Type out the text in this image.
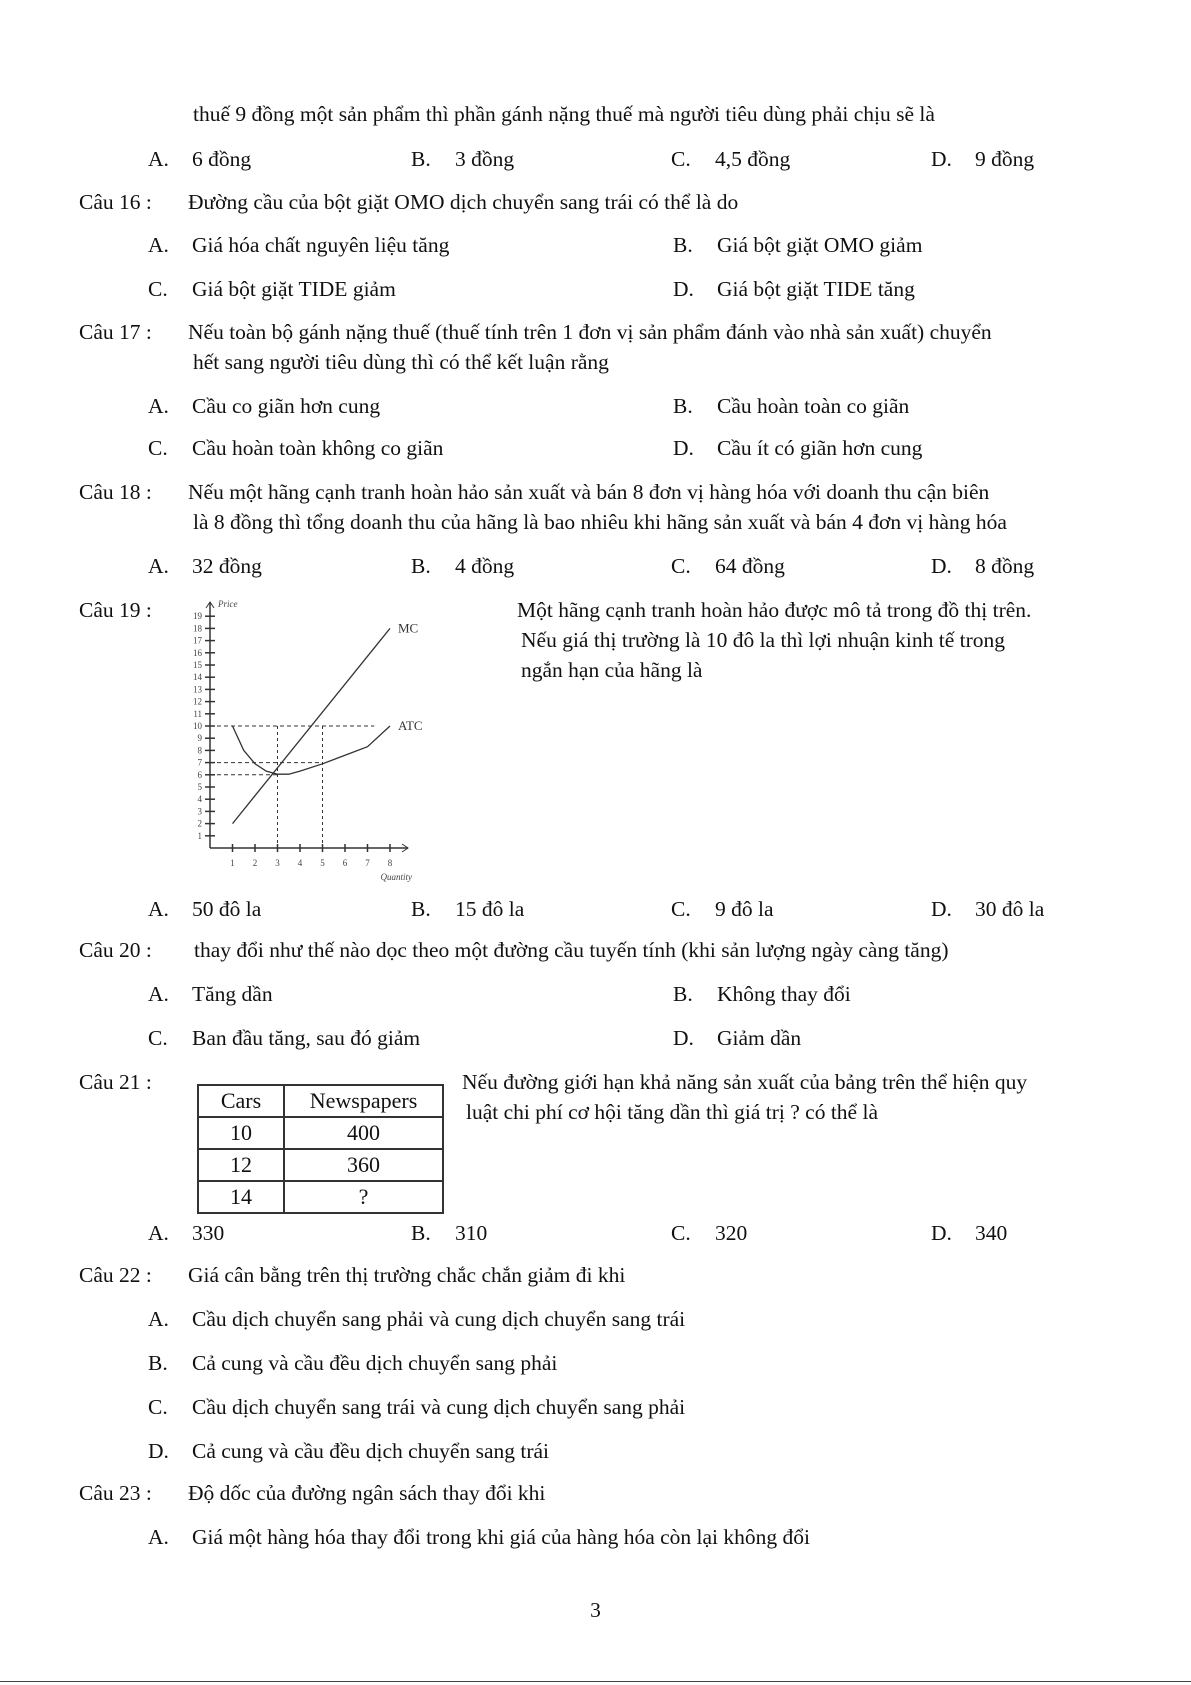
thuế 9 đồng một sản phẩm thì phần gánh nặng thuế mà người tiêu dùng phải chịu sẽ là
A.	6 đồng	B.	3 đồng	C.	4,5 đồng	D.	9 đồng
Câu 16 : Đường cầu của bột giặt OMO dịch chuyển sang trái có thể là do
A.	Giá hóa chất nguyên liệu tăng	B.	Giá bột giặt OMO giảm
C.	Giá bột giặt TIDE giảm	D.	Giá bột giặt TIDE tăng
Câu 17 : Nếu toàn bộ gánh nặng thuế (thuế tính trên 1 đơn vị sản phẩm đánh vào nhà sản xuất) chuyển
hết sang người tiêu dùng thì có thể kết luận rằng
A.	Cầu co giãn hơn cung	B.	Cầu hoàn toàn co giãn
C.	Cầu hoàn toàn không co giãn	D.	Cầu ít có giãn hơn cung
Câu 18 : Nếu một hãng cạnh tranh hoàn hảo sản xuất và bán 8 đơn vị hàng hóa với doanh thu cận biên
là 8 đồng thì tổng doanh thu của hãng là bao nhiêu khi hãng sản xuất và bán 4 đơn vị hàng hóa
A.	32 đồng	B.	4 đồng	C.	64 đồng	D.	8 đồng
Câu 19 :
1 2 3 4 5 6 7 8
1
2
3
4
5
6
7
8
9
10
11
12
13
14
15
16
17
18
19
Price
Quantity
MC
ATC
Một hãng cạnh tranh hoàn hảo được mô tả trong đồ thị trên.
Nếu giá thị trường là 10 đô la thì lợi nhuận kinh tế trong
ngắn hạn của hãng là
A.	50 đô la	B.	15 đô la	C.	9 đô la	D.	30 đô la
Câu 20 : thay đổi như thế nào dọc theo một đường cầu tuyến tính (khi sản lượng ngày càng tăng)
A.	Tăng dần	B.	Không thay đổi
C.	Ban đầu tăng, sau đó giảm	D.	Giảm dần
Câu 21 :
Cars	Newspapers
10	400
12	360
14	?
Nếu đường giới hạn khả năng sản xuất của bảng trên thể hiện quy
luật chi phí cơ hội tăng dần thì giá trị ? có thể là
A.	330	B.	310	C.	320	D.	340
Câu 22 : Giá cân bằng trên thị trường chắc chắn giảm đi khi
A.	Cầu dịch chuyển sang phải và cung dịch chuyển sang trái
B.	Cả cung và cầu đều dịch chuyển sang phải
C.	Cầu dịch chuyển sang trái và cung dịch chuyển sang phải
D.	Cả cung và cầu đều dịch chuyển sang trái
Câu 23 : Độ dốc của đường ngân sách thay đổi khi
A.	Giá một hàng hóa thay đổi trong khi giá của hàng hóa còn lại không đổi
3
